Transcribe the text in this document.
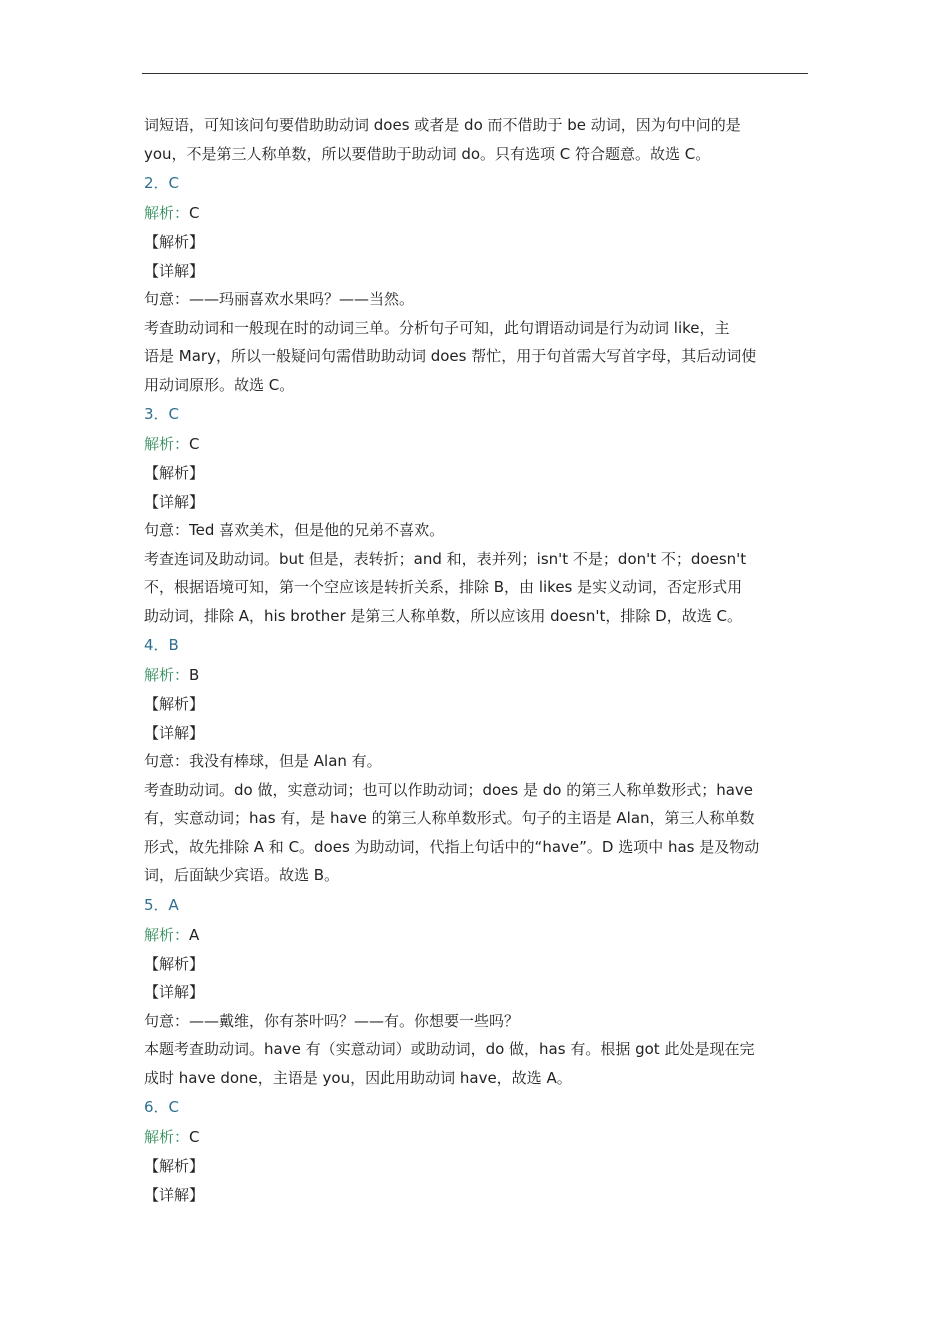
词短语，可知该问句要借助助动词 does 或者是 do 而不借助于 be 动词，因为句中问的是

you，不是第三人称单数，所以要借助于助动词 do。只有选项 C 符合题意。故选 C。

2．C

解析：C

【解析】

【详解】

句意：——玛丽喜欢水果吗？——当然。

考查助动词和一般现在时的动词三单。分析句子可知，此句谓语动词是行为动词 like，主

语是 Mary，所以一般疑问句需借助助动词 does 帮忙，用于句首需大写首字母，其后动词使

用动词原形。故选 C。

3．C

解析：C

【解析】

【详解】

句意：Ted 喜欢美术，但是他的兄弟不喜欢。

考查连词及助动词。but 但是，表转折；and 和，表并列；isn't 不是；don't 不；doesn't

不，根据语境可知，第一个空应该是转折关系，排除 B，由 likes 是实义动词，否定形式用

助动词，排除 A，his brother 是第三人称单数，所以应该用 doesn't，排除 D，故选 C。

4．B

解析：B

【解析】

【详解】

句意：我没有棒球，但是 Alan 有。

考查助动词。do 做，实意动词；也可以作助动词；does 是 do 的第三人称单数形式；have

有，实意动词；has 有，是 have 的第三人称单数形式。句子的主语是 Alan，第三人称单数

形式，故先排除 A 和 C。does 为助动词，代指上句话中的“have”。D 选项中 has 是及物动

词，后面缺少宾语。故选 B。

5．A

解析：A

【解析】

【详解】

句意：——戴维，你有茶叶吗？——有。你想要一些吗？

本题考查助动词。have 有（实意动词）或助动词，do 做，has 有。根据 got 此处是现在完

成时 have done，主语是 you，因此用助动词 have，故选 A。

6．C

解析：C

【解析】

【详解】
